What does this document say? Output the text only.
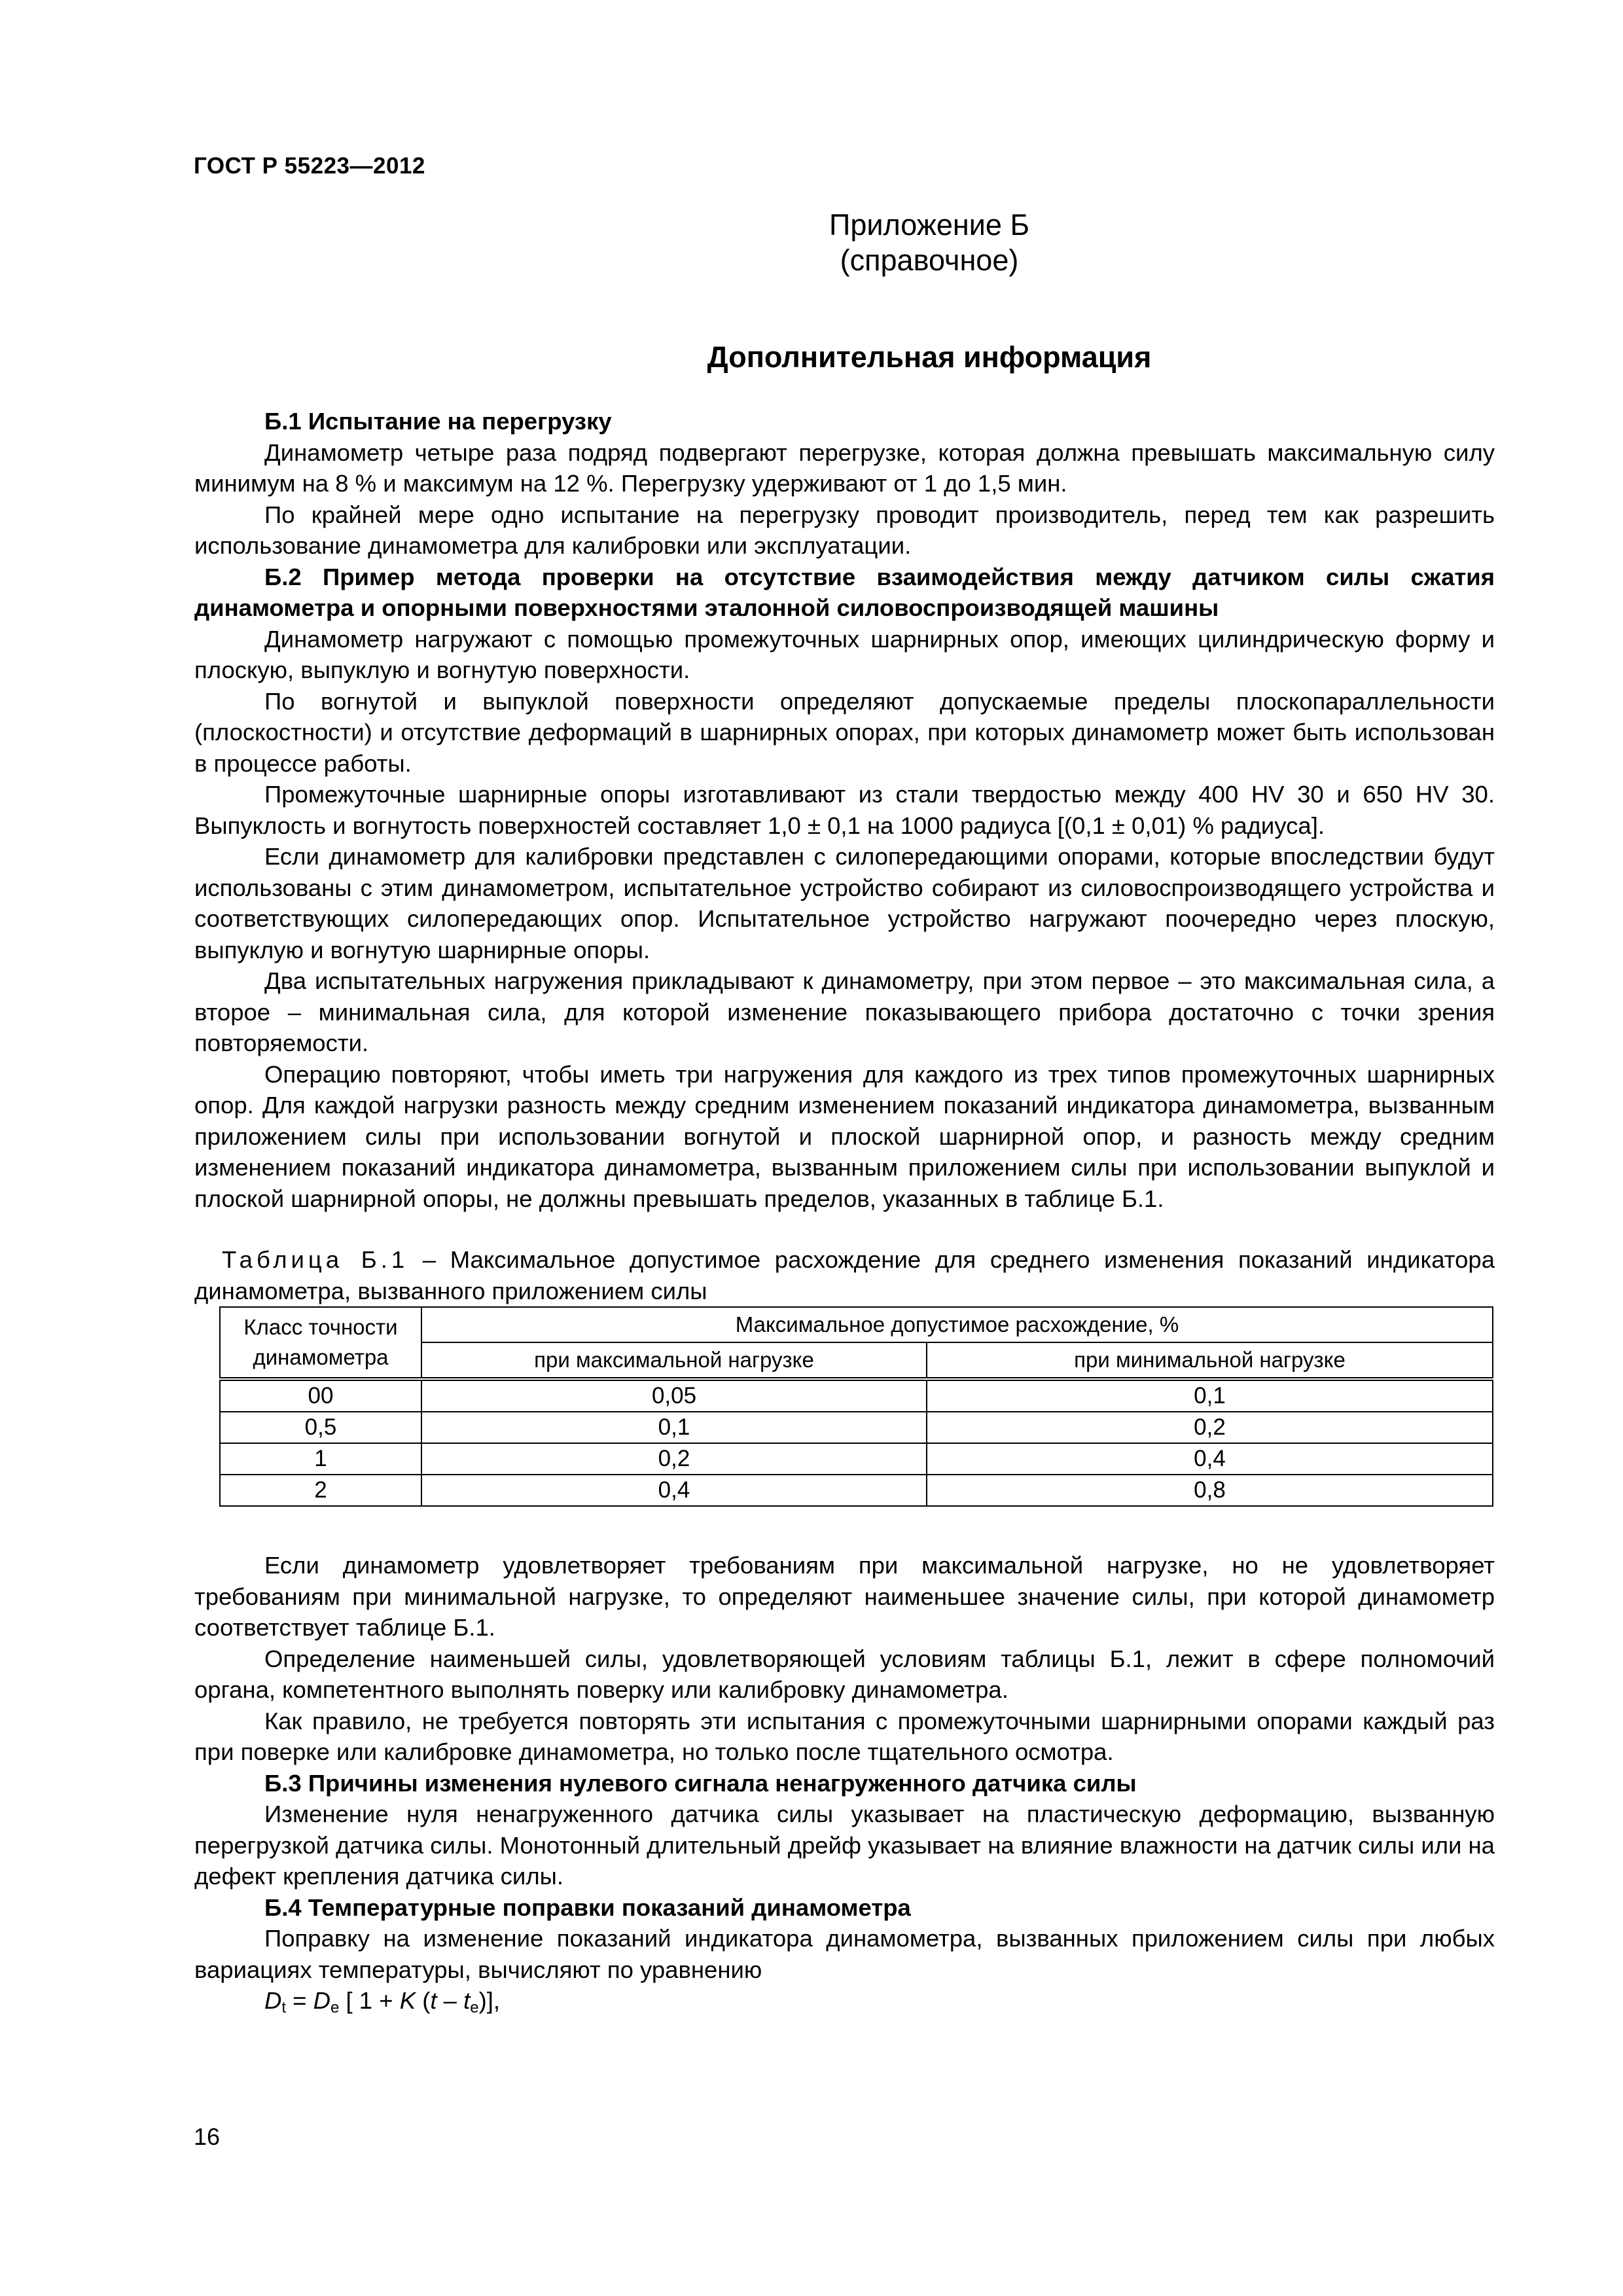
ГОСТ Р 55223—2012
Приложение Б
(справочное)
Дополнительная информация

Б.1 Испытание на перегрузку

Динамометр четыре раза подряд подвергают перегрузке, которая должна превышать максимальную силу минимум на 8 % и максимум на 12 %. Перегрузку удерживают от 1 до 1,5 мин.

По крайней мере одно испытание на перегрузку проводит производитель, перед тем как разрешить использование динамометра для калибровки или эксплуатации.

Б.2 Пример метода проверки на отсутствие взаимодействия между датчиком силы сжатия динамометра и опорными поверхностями эталонной силовоспроизводящей машины

Динамометр нагружают с помощью промежуточных шарнирных опор, имеющих цилиндрическую форму и плоскую, выпуклую и вогнутую поверхности.

По вогнутой и выпуклой поверхности определяют допускаемые пределы плоскопараллельности (плоскостности) и отсутствие деформаций в шарнирных опорах, при которых динамометр может быть использован в процессе работы.

Промежуточные шарнирные опоры изготавливают из стали твердостью между 400 HV 30 и 650 HV 30. Выпуклость и вогнутость поверхностей составляет 1,0 ± 0,1 на 1000 радиуса [(0,1 ± 0,01) % радиуса].

Если динамометр для калибровки представлен с силопередающими опорами, которые впоследствии будут использованы с этим динамометром, испытательное устройство собирают из силовоспроизводящего устройства и соответствующих силопередающих опор. Испытательное устройство нагружают поочередно через плоскую, выпуклую и вогнутую шарнирные опоры.

Два испытательных нагружения прикладывают к динамометру, при этом первое – это максимальная сила, а второе – минимальная сила, для которой изменение показывающего прибора достаточно с точки зрения повторяемости.

Операцию повторяют, чтобы иметь три нагружения для каждого из трех типов промежуточных шарнирных опор. Для каждой нагрузки разность между средним изменением показаний индикатора динамометра, вызванным приложением силы при использовании вогнутой и плоской шарнирной опор, и разность между средним изменением показаний индикатора динамометра, вызванным приложением силы при использовании выпуклой и плоской шарнирной опоры, не должны превышать пределов, указанных в таблице Б.1.

Таблица Б.1 – Максимальное допустимое расхождение для среднего изменения показаний индикатора динамометра, вызванного приложением силы

Класс точности динамометра	Максимальное допустимое расхождение, %	
	при максимальной нагрузке	при минимальной нагрузке
00	0,05	0,1
0,5	0,1	0,2
1	0,2	0,4
2	0,4	0,8

Если динамометр удовлетворяет требованиям при максимальной нагрузке, но не удовлетворяет требованиям при минимальной нагрузке, то определяют наименьшее значение силы, при которой динамометр соответствует таблице Б.1.

Определение наименьшей силы, удовлетворяющей условиям таблицы Б.1, лежит в сфере полномочий органа, компетентного выполнять поверку или калибровку динамометра.

Как правило, не требуется повторять эти испытания с промежуточными шарнирными опорами каждый раз при поверке или калибровке динамометра, но только после тщательного осмотра.

Б.3 Причины изменения нулевого сигнала ненагруженного датчика силы

Изменение нуля ненагруженного датчика силы указывает на пластическую деформацию, вызванную перегрузкой датчика силы. Монотонный длительный дрейф указывает на влияние влажности на датчик силы или на дефект крепления датчика силы.

Б.4 Температурные поправки показаний динамометра

Поправку на изменение показаний индикатора динамометра, вызванных приложением силы при любых вариациях температуры, вычисляют по уравнению

$D_t = D_e$ [ 1 + K $(t - t_e)$],

16
